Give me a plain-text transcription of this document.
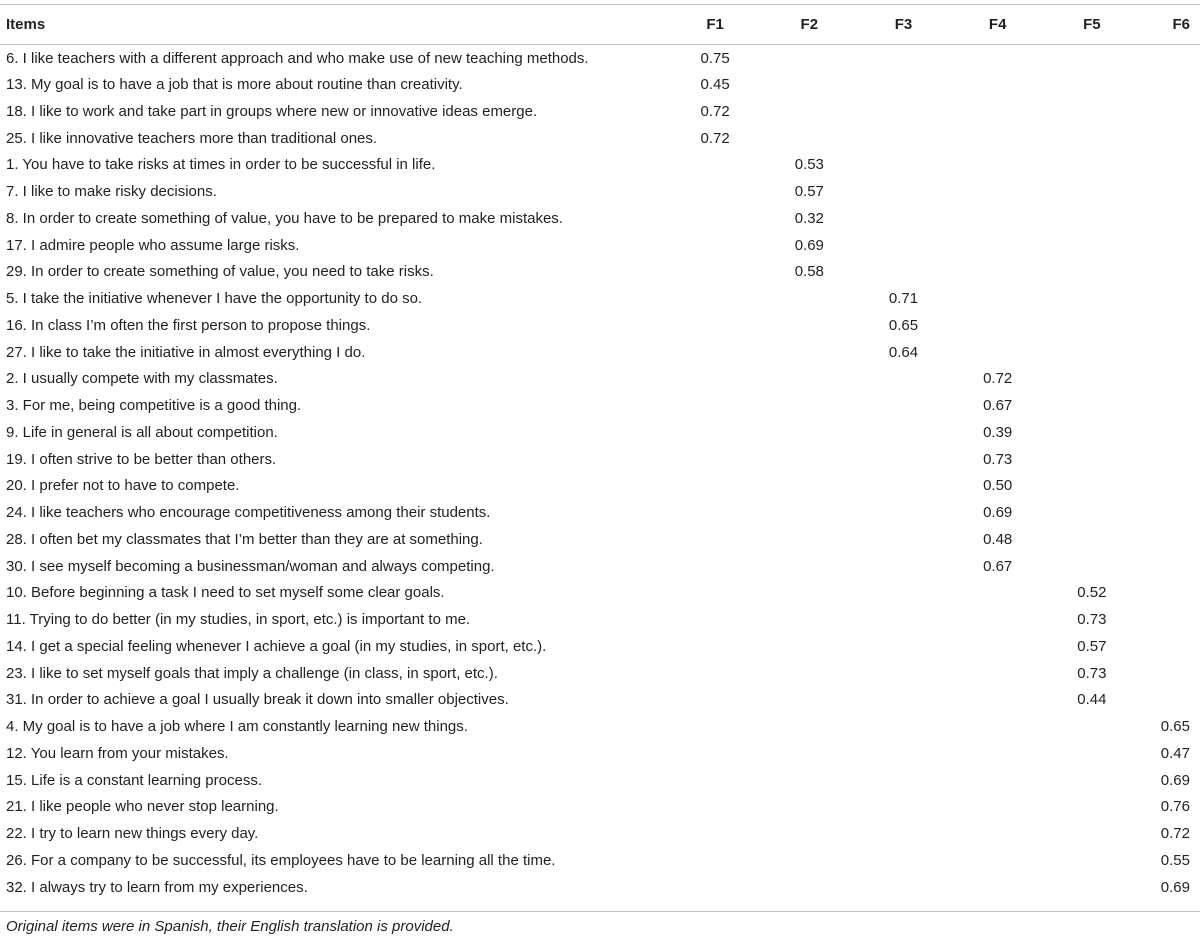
Items	F1	F2	F3	F4	F5	F6
6. I like teachers with a different approach and who make use of new teaching methods.	0.75					
13. My goal is to have a job that is more about routine than creativity.	0.45					
18. I like to work and take part in groups where new or innovative ideas emerge.	0.72					
25. I like innovative teachers more than traditional ones.	0.72					
1. You have to take risks at times in order to be successful in life.		0.53				
7. I like to make risky decisions.		0.57				
8. In order to create something of value, you have to be prepared to make mistakes.		0.32				
17. I admire people who assume large risks.		0.69				
29. In order to create something of value, you need to take risks.		0.58				
5. I take the initiative whenever I have the opportunity to do so.			0.71			
16. In class I’m often the first person to propose things.			0.65			
27. I like to take the initiative in almost everything I do.			0.64			
2. I usually compete with my classmates.				0.72		
3. For me, being competitive is a good thing.				0.67		
9. Life in general is all about competition.				0.39		
19. I often strive to be better than others.				0.73		
20. I prefer not to have to compete.				0.50		
24. I like teachers who encourage competitiveness among their students.				0.69		
28. I often bet my classmates that I’m better than they are at something.				0.48		
30. I see myself becoming a businessman/woman and always competing.				0.67		
10. Before beginning a task I need to set myself some clear goals.					0.52	
11. Trying to do better (in my studies, in sport, etc.) is important to me.					0.73	
14. I get a special feeling whenever I achieve a goal (in my studies, in sport, etc.).					0.57	
23. I like to set myself goals that imply a challenge (in class, in sport, etc.).					0.73	
31. In order to achieve a goal I usually break it down into smaller objectives.					0.44	
4. My goal is to have a job where I am constantly learning new things.						0.65
12. You learn from your mistakes.						0.47
15. Life is a constant learning process.						0.69
21. I like people who never stop learning.						0.76
22. I try to learn new things every day.						0.72
26. For a company to be successful, its employees have to be learning all the time.						0.55
32. I always try to learn from my experiences.						0.69
Original items were in Spanish, their English translation is provided.
